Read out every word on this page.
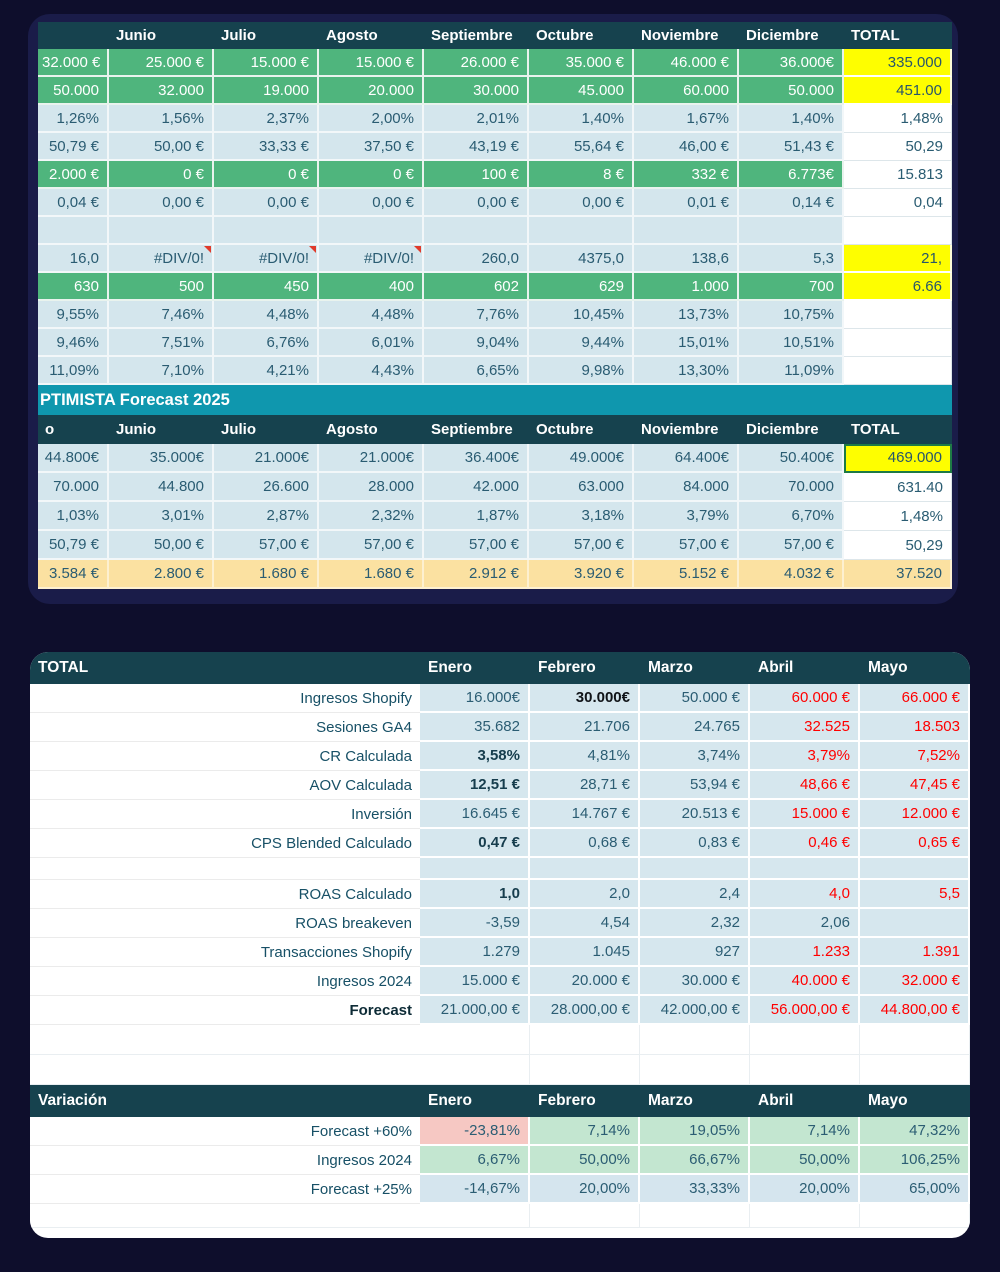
	Junio	Julio	Agosto	Septiembre	Octubre	Noviembre	Diciembre	TOTAL
32.000 €	25.000 €	15.000 €	15.000 €	26.000 €	35.000 €	46.000 €	36.000€	335.000
50.000	32.000	19.000	20.000	30.000	45.000	60.000	50.000	451.00
1,26%	1,56%	2,37%	2,00%	2,01%	1,40%	1,67%	1,40%	1,48%
50,79 €	50,00 €	33,33 €	37,50 €	43,19 €	55,64 €	46,00 €	51,43 €	50,29
2.000 €	0 €	0 €	0 €	100 €	8 €	332 €	6.773€	15.813
0,04 €	0,00 €	0,00 €	0,00 €	0,00 €	0,00 €	0,01 €	0,14 €	0,04

16,0	#DIV/0!	#DIV/0!	#DIV/0!	260,0	4375,0	138,6	5,3	21,
630	500	450	400	602	629	1.000	700	6.66
9,55%	7,46%	4,48%	4,48%	7,76%	10,45%	13,73%	10,75%	
9,46%	7,51%	6,76%	6,01%	9,04%	9,44%	15,01%	10,51%	
11,09%	7,10%	4,21%	4,43%	6,65%	9,98%	13,30%	11,09%	
PTIMISTA Forecast 2025
o	Junio	Julio	Agosto	Septiembre	Octubre	Noviembre	Diciembre	TOTAL
44.800€	35.000€	21.000€	21.000€	36.400€	49.000€	64.400€	50.400€	469.000
70.000	44.800	26.600	28.000	42.000	63.000	84.000	70.000	631.40
1,03%	3,01%	2,87%	2,32%	1,87%	3,18%	3,79%	6,70%	1,48%
50,79 €	50,00 €	57,00 €	57,00 €	57,00 €	57,00 €	57,00 €	57,00 €	50,29
3.584 €	2.800 €	1.680 €	1.680 €	2.912 €	3.920 €	5.152 €	4.032 €	37.520
TOTAL	Enero	Febrero	Marzo	Abril	Mayo
Ingresos Shopify	16.000€	30.000€	50.000 €	60.000 €	66.000 €
Sesiones GA4	35.682	21.706	24.765	32.525	18.503
CR Calculada	3,58%	4,81%	3,74%	3,79%	7,52%
AOV Calculada	12,51 €	28,71 €	53,94 €	48,66 €	47,45 €
Inversión	16.645 €	14.767 €	20.513 €	15.000 €	12.000 €
CPS Blended Calculado	0,47 €	0,68 €	0,83 €	0,46 €	0,65 €

ROAS Calculado	1,0	2,0	2,4	4,0	5,5
ROAS breakeven	-3,59	4,54	2,32	2,06	
Transacciones Shopify	1.279	1.045	927	1.233	1.391
Ingresos 2024	15.000 €	20.000 €	30.000 €	40.000 €	32.000 €
Forecast	21.000,00 €	28.000,00 €	42.000,00 €	56.000,00 €	44.800,00 €

Variación	Enero	Febrero	Marzo	Abril	Mayo
Forecast +60%	-23,81%	7,14%	19,05%	7,14%	47,32%
Ingresos 2024	6,67%	50,00%	66,67%	50,00%	106,25%
Forecast +25%	-14,67%	20,00%	33,33%	20,00%	65,00%
